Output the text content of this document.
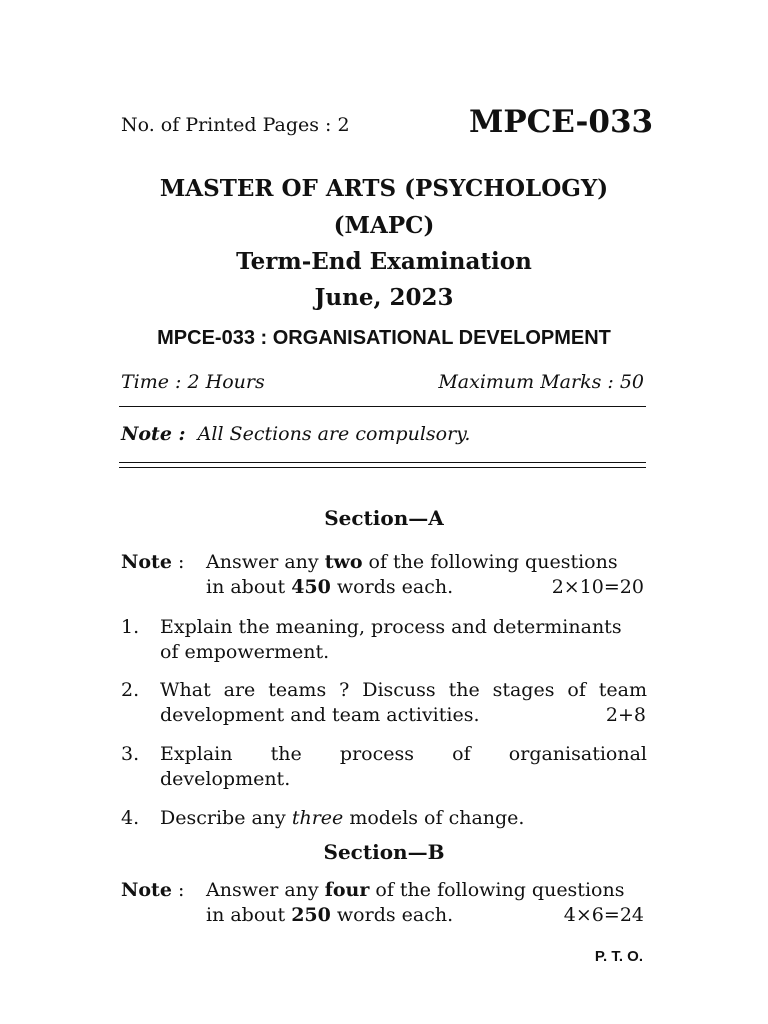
No. of Printed Pages : 2	MPCE-033
MASTER OF ARTS (PSYCHOLOGY)
(MAPC)
Term-End Examination
June, 2023
MPCE-033 : ORGANISATIONAL DEVELOPMENT
Time : 2 Hours	Maximum Marks : 50
Note : All Sections are compulsory.
Section—A
Note : Answer any two of the following questions
in about 450 words each.	2×10=20
1. Explain the meaning, process and determinants
of empowerment.
2. What are teams ? Discuss the stages of team
development and team activities.	2+8
3. Explain the process of organisational
development.
4. Describe any three models of change.
Section—B
Note : Answer any four of the following questions
in about 250 words each.	4×6=24
P. T. O.
